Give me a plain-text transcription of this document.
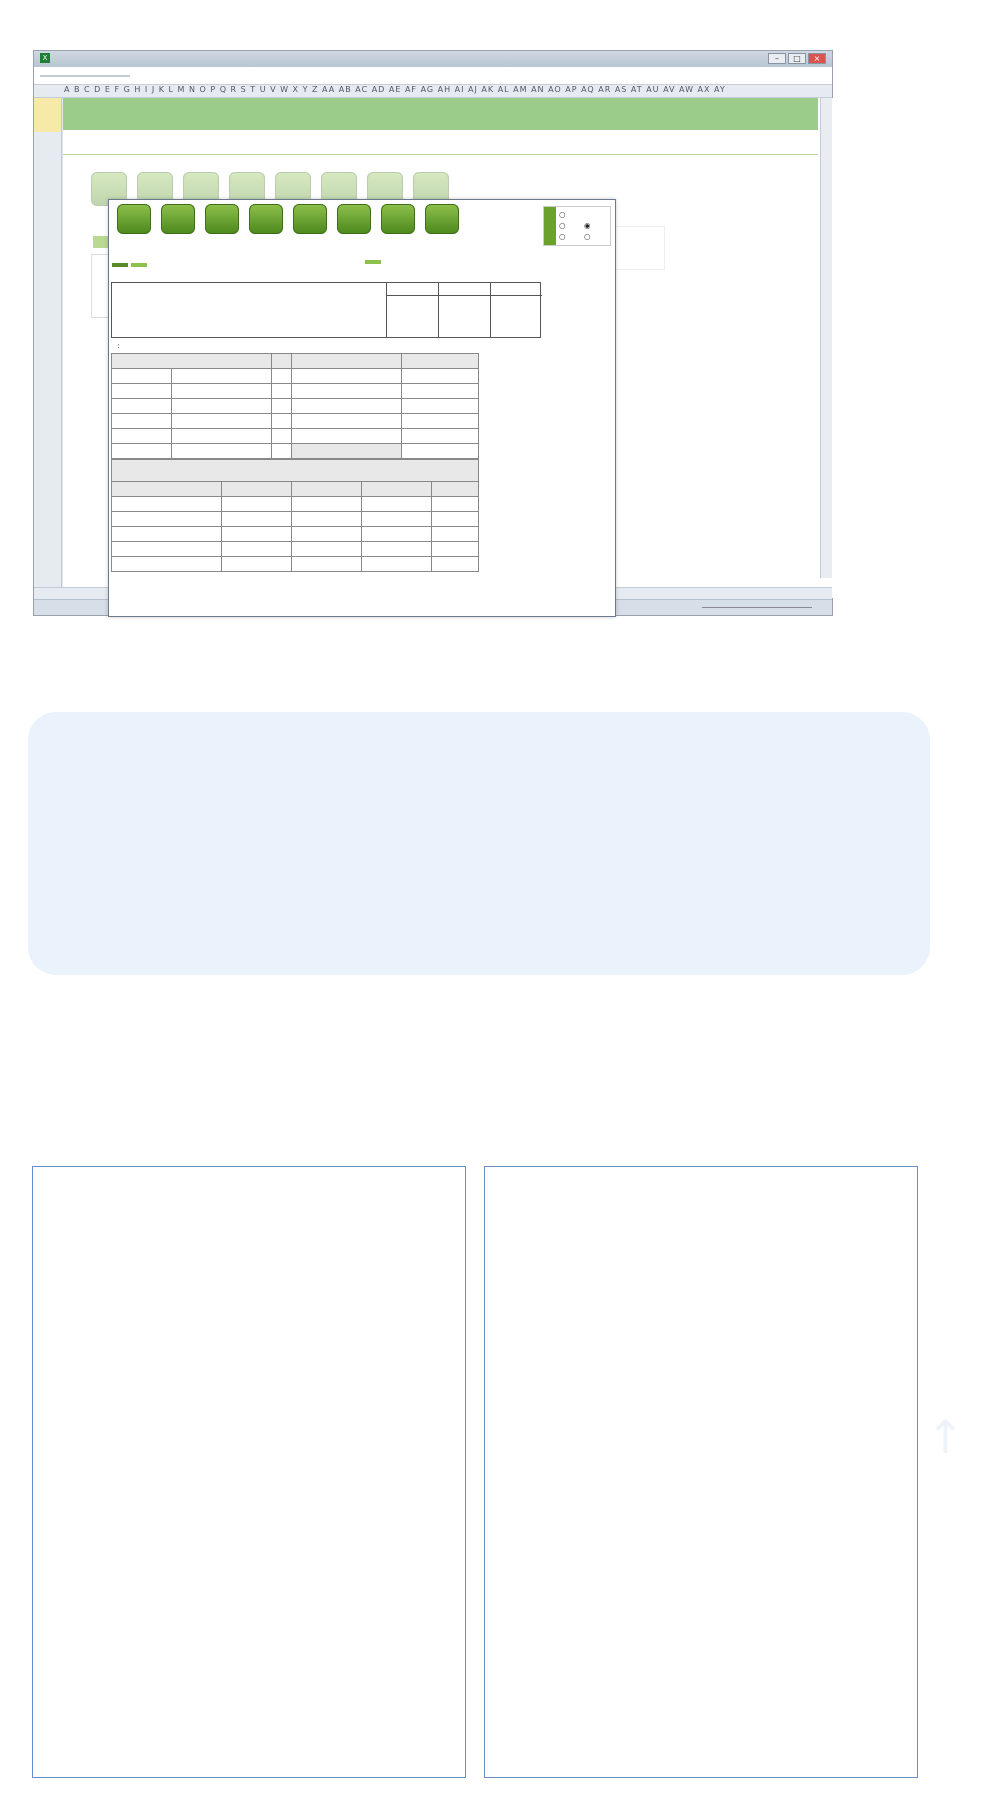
X	–	□	×
A B C D E F G H I J K L M N O P Q R S T U V W X Y Z AA AB AC AD AE AF AG AH AI AJ AK AL AM AN AO AP AQ AR AS AT AU AV AW AX AY
○
○ ◉
○ ○

:

↑
